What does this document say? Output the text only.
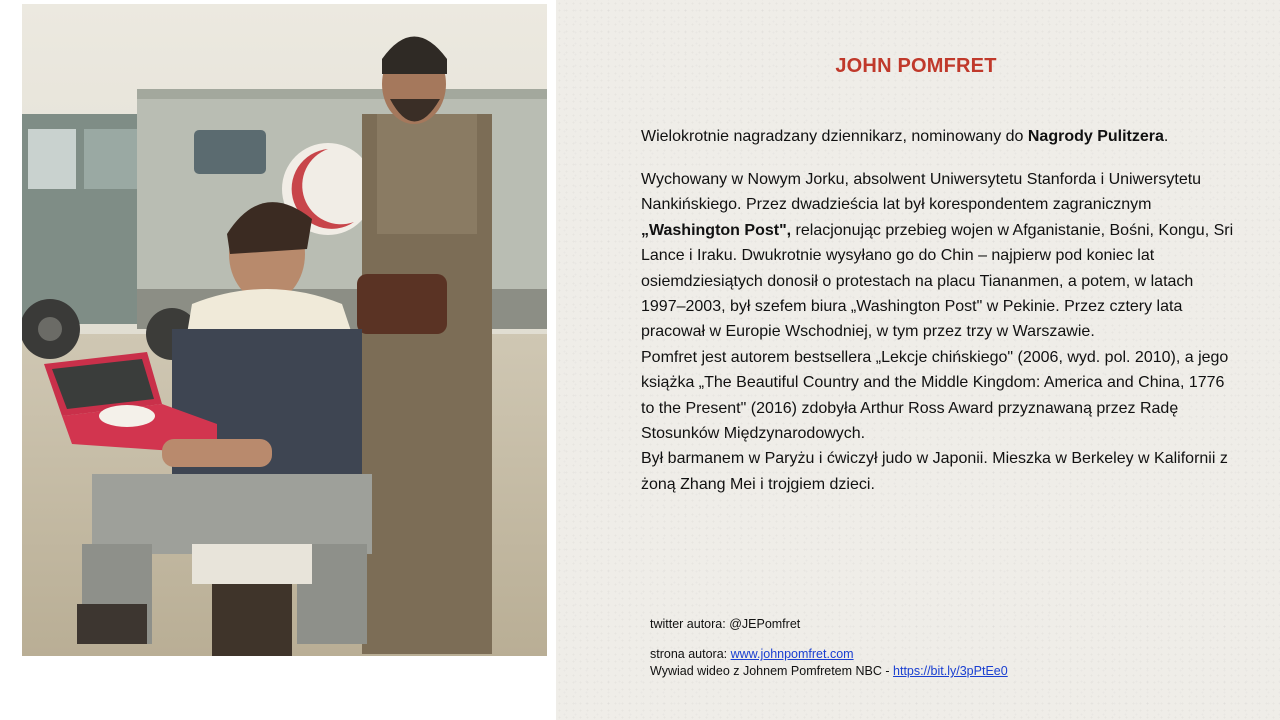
JOHN POMFRET
Wielokrotnie nagradzany dziennikarz, nominowany do Nagrody Pulitzera.

Wychowany w Nowym Jorku, absolwent Uniwersytetu Stanforda i Uniwersytetu Nankińskiego. Przez dwadzieścia lat był korespondentem zagranicznym „Washington Post", relacjonując przebieg wojen w Afganistanie, Bośni, Kongu, Sri Lance i Iraku. Dwukrotnie wysyłano go do Chin – najpierw pod koniec lat osiemdziesiątych donosił o protestach na placu Tiananmen, a potem, w latach 1997–2003, był szefem biura „Washington Post" w Pekinie. Przez cztery lata pracował w Europie Wschodniej, w tym przez trzy w Warszawie.

Pomfret jest autorem bestsellera „Lekcje chińskiego" (2006, wyd. pol. 2010), a jego książka „The Beautiful Country and the Middle Kingdom: America and China, 1776 to the Present" (2016) zdobyła Arthur Ross Award przyznawaną przez Radę Stosunków Międzynarodowych.

Był barmanem w Paryżu i ćwiczył judo w Japonii. Mieszka w Berkeley w Kalifornii z żoną Zhang Mei i trojgiem dzieci.

twitter autora: @JEPomfret
strona autora: www.johnpomfret.com
Wywiad wideo z Johnem Pomfretem NBC - https://bit.ly/3pPtEe0
